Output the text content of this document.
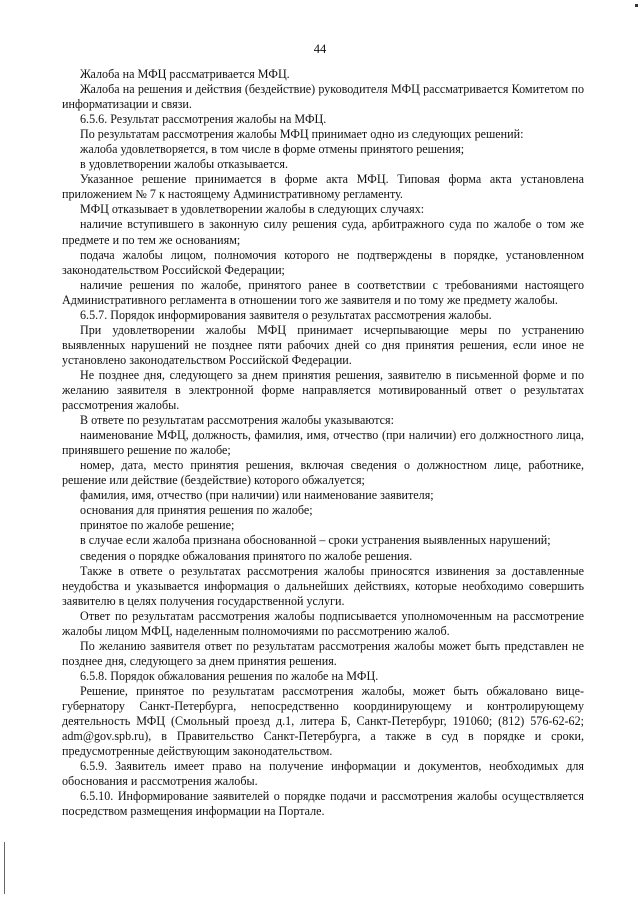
44

Жалоба на МФЦ рассматривается МФЦ.

Жалоба на решения и действия (бездействие) руководителя МФЦ рассматривается Комитетом по информатизации и связи.

6.5.6. Результат рассмотрения жалобы на МФЦ.

По результатам рассмотрения жалобы МФЦ принимает одно из следующих решений:

жалоба удовлетворяется, в том числе в форме отмены принятого решения;

в удовлетворении жалобы отказывается.

Указанное решение принимается в форме акта МФЦ. Типовая форма акта установлена приложением № 7 к настоящему Административному регламенту.

МФЦ отказывает в удовлетворении жалобы в следующих случаях:

наличие вступившего в законную силу решения суда, арбитражного суда по жалобе о том же предмете и по тем же основаниям;

подача жалобы лицом, полномочия которого не подтверждены в порядке, установленном законодательством Российской Федерации;

наличие решения по жалобе, принятого ранее в соответствии с требованиями настоящего Административного регламента в отношении того же заявителя и по тому же предмету жалобы.

6.5.7. Порядок информирования заявителя о результатах рассмотрения жалобы.

При удовлетворении жалобы МФЦ принимает исчерпывающие меры по устранению выявленных нарушений не позднее пяти рабочих дней со дня принятия решения, если иное не установлено законодательством Российской Федерации.

Не позднее дня, следующего за днем принятия решения, заявителю в письменной форме и по желанию заявителя в электронной форме направляется мотивированный ответ о результатах рассмотрения жалобы.

В ответе по результатам рассмотрения жалобы указываются:

наименование МФЦ, должность, фамилия, имя, отчество (при наличии) его должностного лица, принявшего решение по жалобе;

номер, дата, место принятия решения, включая сведения о должностном лице, работнике, решение или действие (бездействие) которого обжалуется;

фамилия, имя, отчество (при наличии) или наименование заявителя;

основания для принятия решения по жалобе;

принятое по жалобе решение;

в случае если жалоба признана обоснованной – сроки устранения выявленных нарушений;

сведения о порядке обжалования принятого по жалобе решения.

Также в ответе о результатах рассмотрения жалобы приносятся извинения за доставленные неудобства и указывается информация о дальнейших действиях, которые необходимо совершить заявителю в целях получения государственной услуги.

Ответ по результатам рассмотрения жалобы подписывается уполномоченным на рассмотрение жалобы лицом МФЦ, наделенным полномочиями по рассмотрению жалоб.

По желанию заявителя ответ по результатам рассмотрения жалобы может быть представлен не позднее дня, следующего за днем принятия решения.

6.5.8. Порядок обжалования решения по жалобе на МФЦ.

Решение, принятое по результатам рассмотрения жалобы, может быть обжаловано вице-губернатору Санкт-Петербурга, непосредственно координирующему и контролирующему деятельность МФЦ (Смольный проезд д.1, литера Б, Санкт-Петербург, 191060; (812) 576-62-62; adm@gov.spb.ru), в Правительство Санкт-Петербурга, а также в суд в порядке и сроки, предусмотренные действующим законодательством.

6.5.9. Заявитель имеет право на получение информации и документов, необходимых для обоснования и рассмотрения жалобы.

6.5.10. Информирование заявителей о порядке подачи и рассмотрения жалобы осуществляется посредством размещения информации на Портале.
